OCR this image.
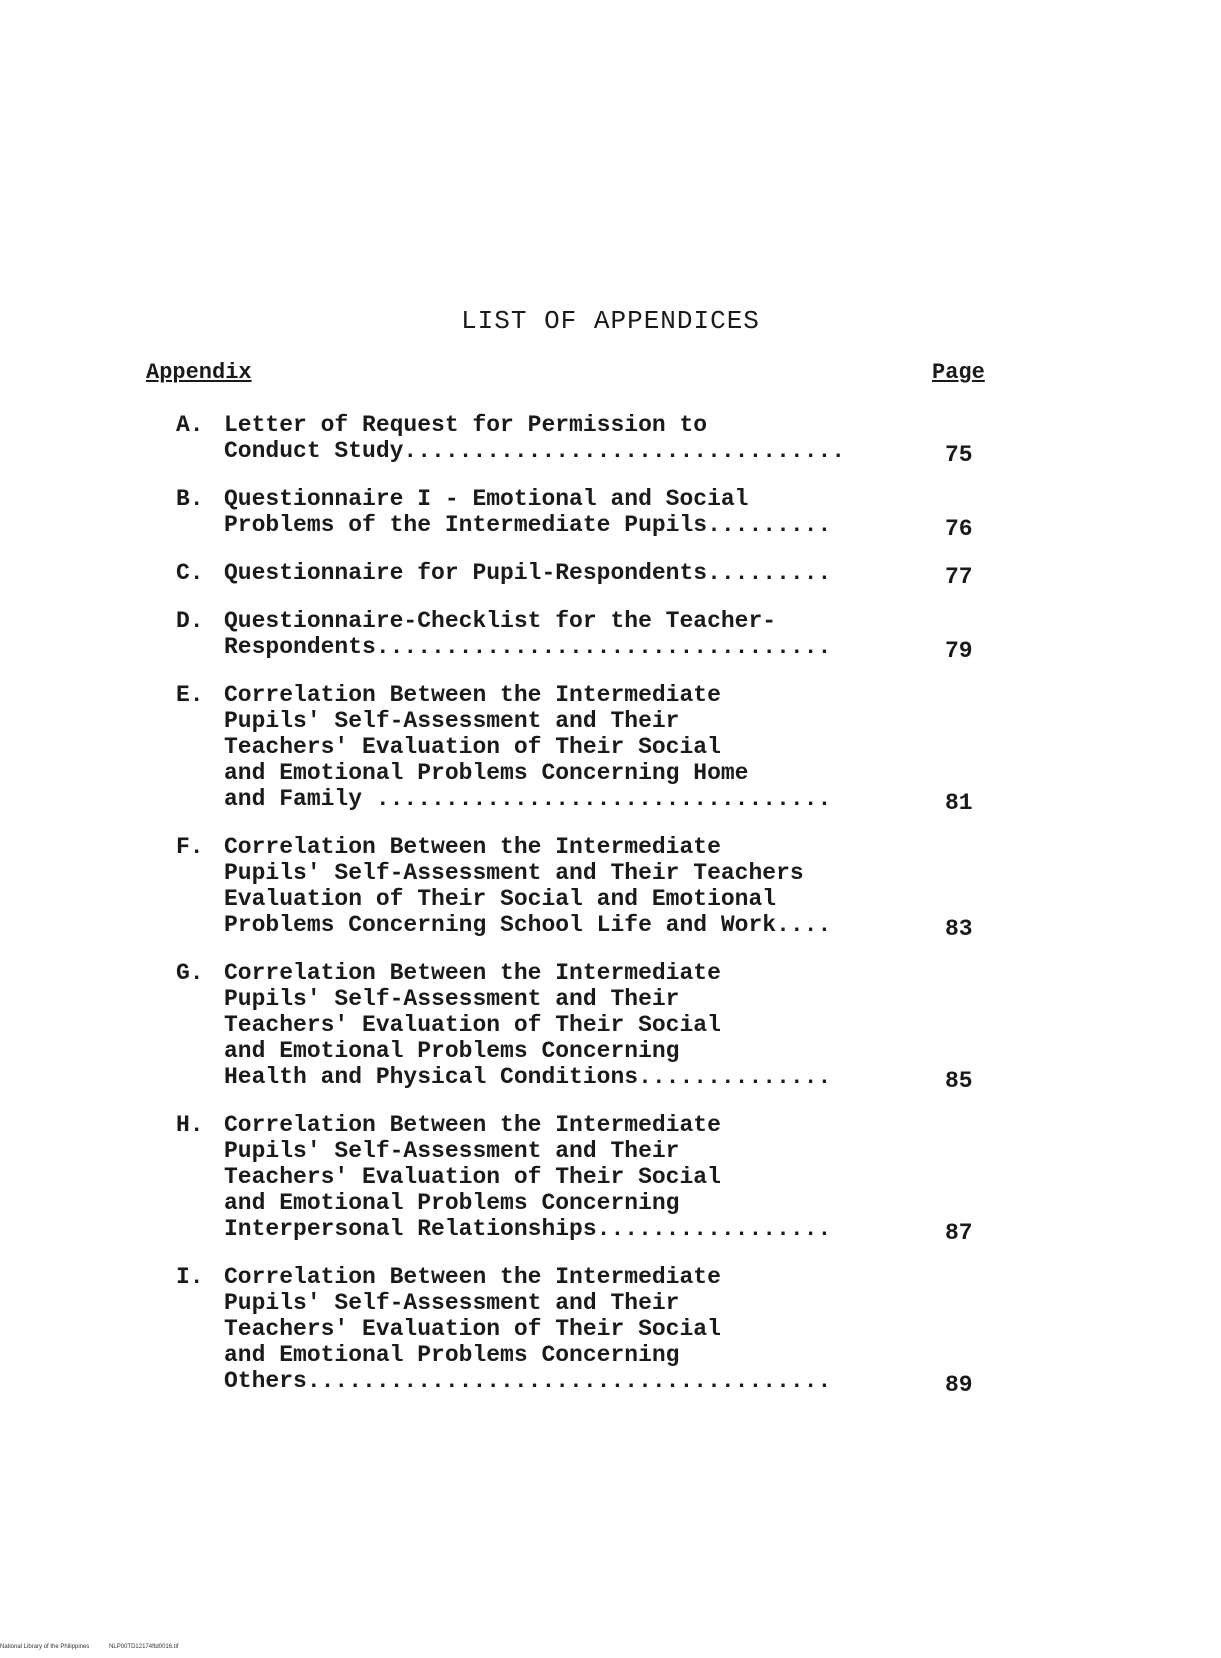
LIST OF APPENDICES
Appendix	Page
A. Letter of Request for Permission to
Conduct Study................................	75
B. Questionnaire I - Emotional and Social
Problems of the Intermediate Pupils.........	76
C. Questionnaire for Pupil-Respondents.........	77
D. Questionnaire-Checklist for the Teacher-
Respondents.................................	79
E. Correlation Between the Intermediate
Pupils' Self-Assessment and Their
Teachers' Evaluation of Their Social
and Emotional Problems Concerning Home
and Family .................................	81
F. Correlation Between the Intermediate
Pupils' Self-Assessment and Their Teachers
Evaluation of Their Social and Emotional
Problems Concerning School Life and Work....	83
G. Correlation Between the Intermediate
Pupils' Self-Assessment and Their
Teachers' Evaluation of Their Social
and Emotional Problems Concerning
Health and Physical Conditions..............	85
H. Correlation Between the Intermediate
Pupils' Self-Assessment and Their
Teachers' Evaluation of Their Social
and Emotional Problems Concerning
Interpersonal Relationships.................	87
I. Correlation Between the Intermediate
Pupils' Self-Assessment and Their
Teachers' Evaluation of Their Social
and Emotional Problems Concerning
Others......................................	89
National Library of the Philippines	NLP00TD12174ftd0016.tif
